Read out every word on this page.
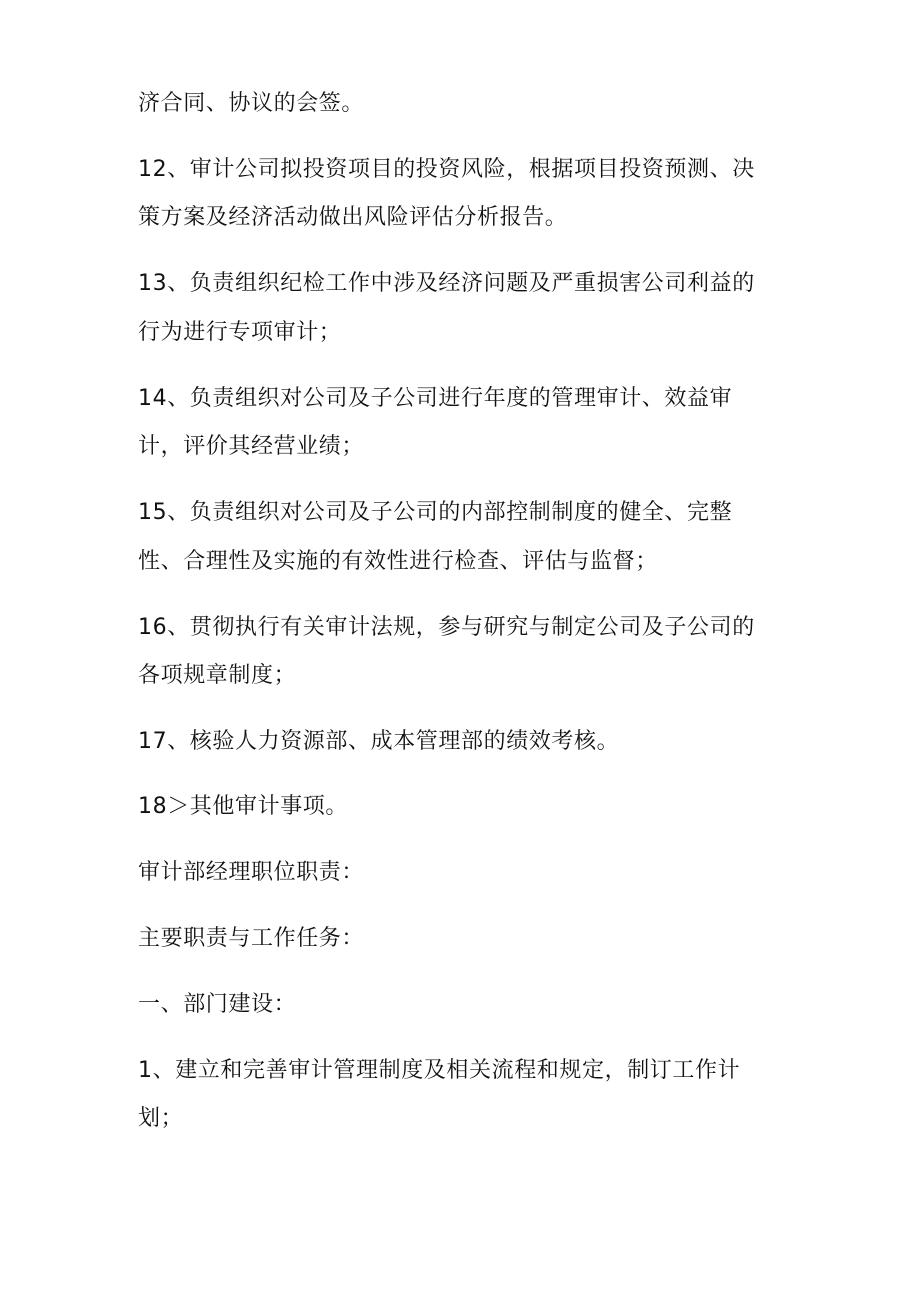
济合同、协议的会签。
12、审计公司拟投资项目的投资风险，根据项目投资预测、决
策方案及经济活动做出风险评估分析报告。
13、负责组织纪检工作中涉及经济问题及严重损害公司利益的
行为进行专项审计；
14、负责组织对公司及子公司进行年度的管理审计、效益审
计，评价其经营业绩；
15、负责组织对公司及子公司的内部控制制度的健全、完整
性、合理性及实施的有效性进行检查、评估与监督；
16、贯彻执行有关审计法规，参与研究与制定公司及子公司的
各项规章制度；
17、核验人力资源部、成本管理部的绩效考核。
18＞其他审计事项。
审计部经理职位职责：
主要职责与工作任务：
一、部门建设：
1、建立和完善审计管理制度及相关流程和规定，制订工作计
划；
